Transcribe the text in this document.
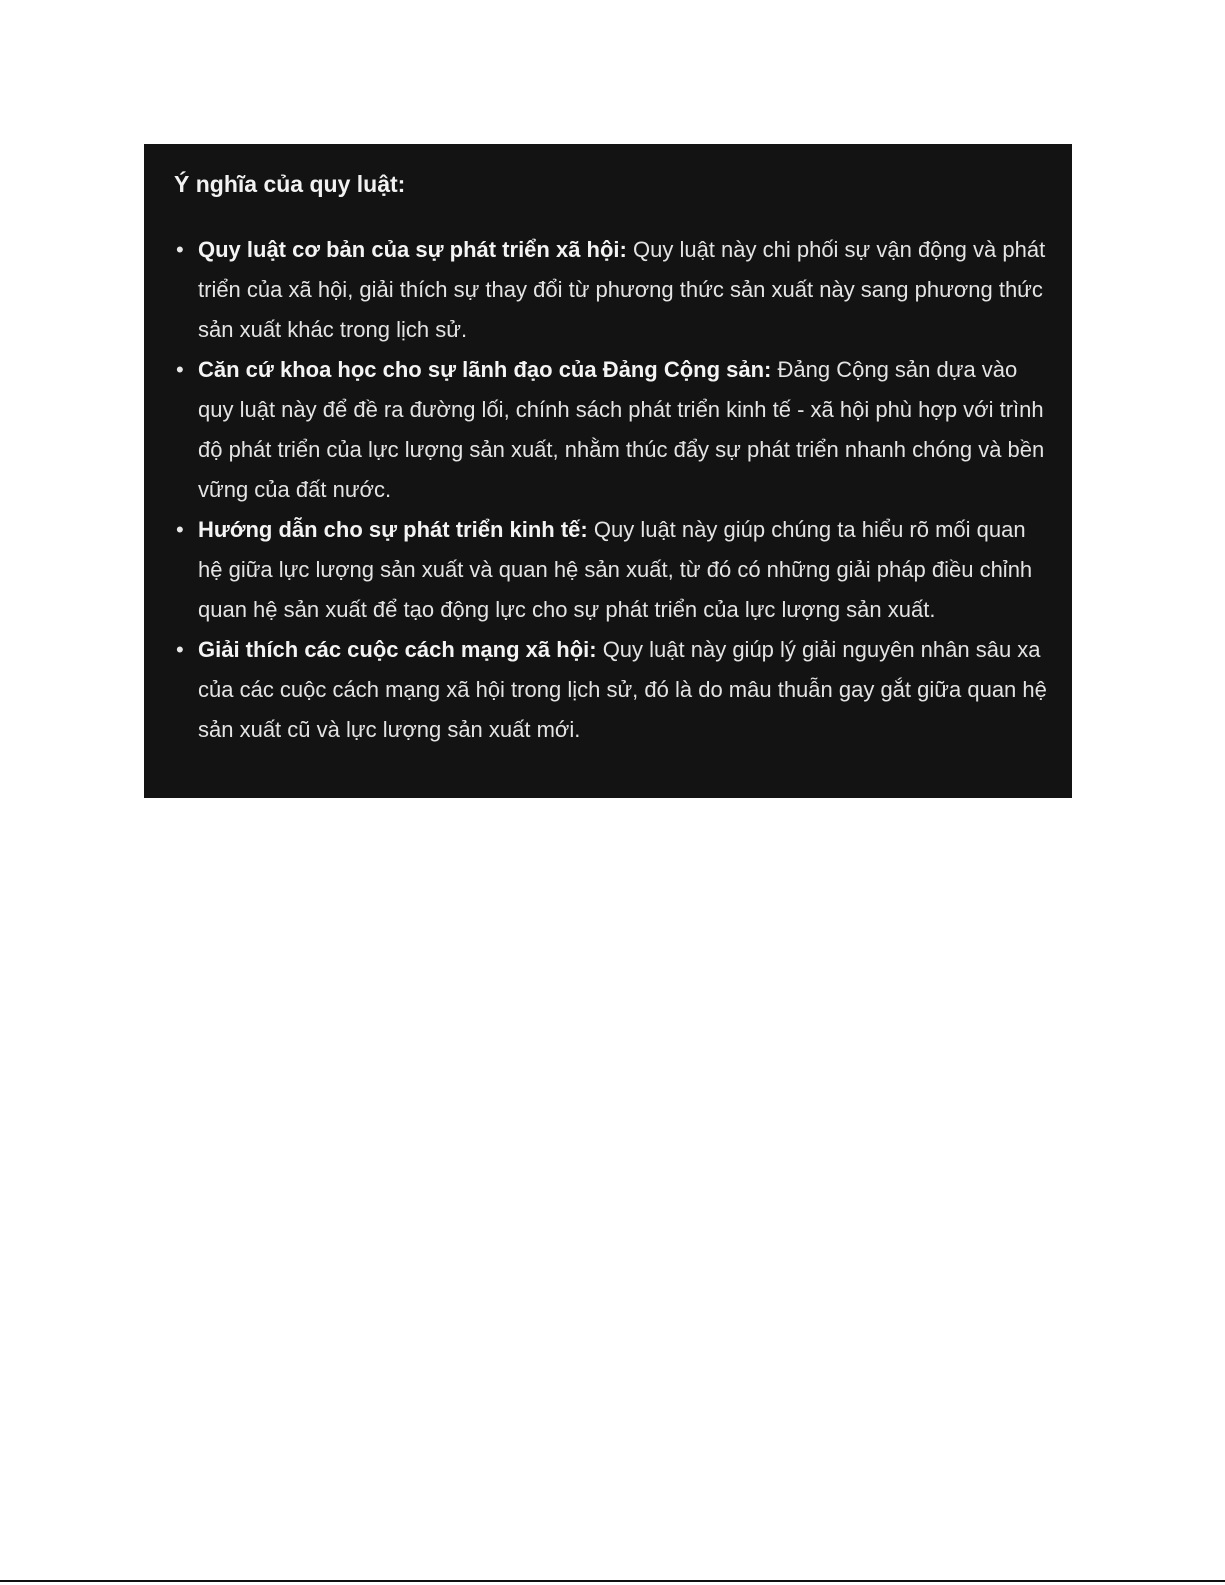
Ý nghĩa của quy luật:

• Quy luật cơ bản của sự phát triển xã hội: Quy luật này chi phối sự vận động và phát triển của xã hội, giải thích sự thay đổi từ phương thức sản xuất này sang phương thức sản xuất khác trong lịch sử.
• Căn cứ khoa học cho sự lãnh đạo của Đảng Cộng sản: Đảng Cộng sản dựa vào quy luật này để đề ra đường lối, chính sách phát triển kinh tế - xã hội phù hợp với trình độ phát triển của lực lượng sản xuất, nhằm thúc đẩy sự phát triển nhanh chóng và bền vững của đất nước.
• Hướng dẫn cho sự phát triển kinh tế: Quy luật này giúp chúng ta hiểu rõ mối quan hệ giữa lực lượng sản xuất và quan hệ sản xuất, từ đó có những giải pháp điều chỉnh quan hệ sản xuất để tạo động lực cho sự phát triển của lực lượng sản xuất.
• Giải thích các cuộc cách mạng xã hội: Quy luật này giúp lý giải nguyên nhân sâu xa của các cuộc cách mạng xã hội trong lịch sử, đó là do mâu thuẫn gay gắt giữa quan hệ sản xuất cũ và lực lượng sản xuất mới.
